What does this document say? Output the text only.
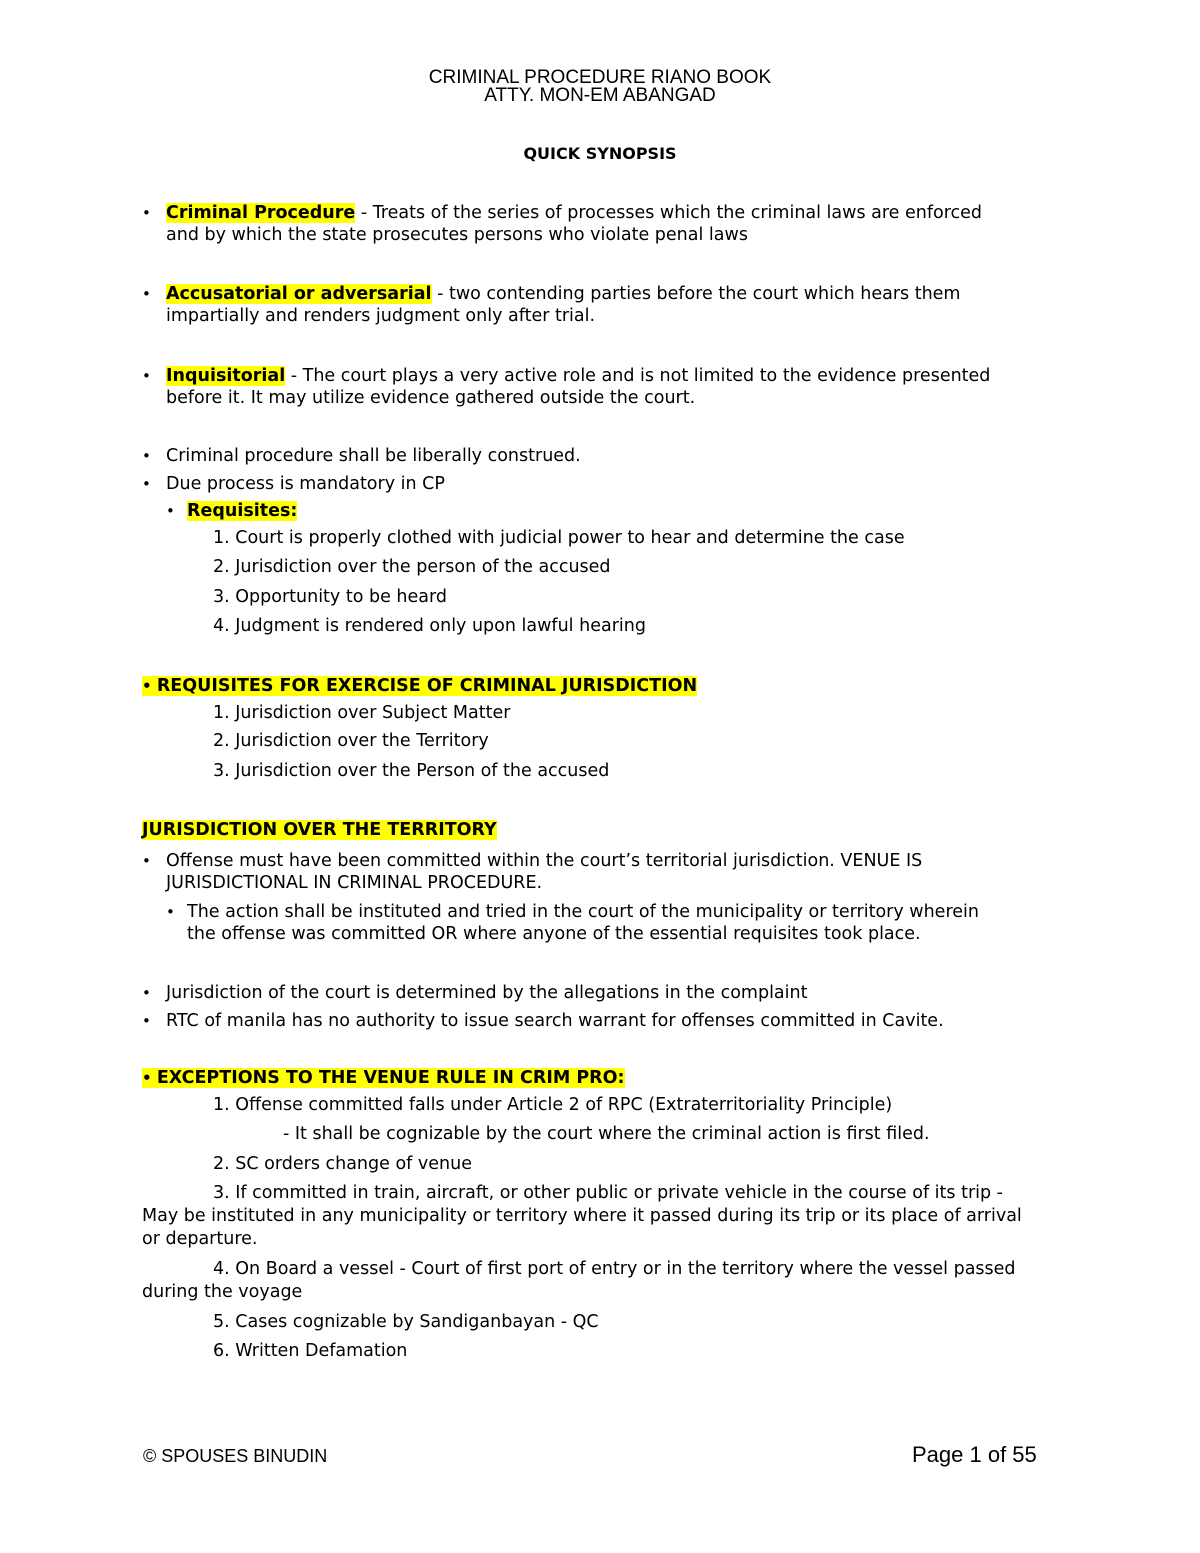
CRIMINAL PROCEDURE RIANO BOOK
ATTY. MON-EM ABANGAD
QUICK SYNOPSIS
• Criminal Procedure - Treats of the series of processes which the criminal laws are enforced
and by which the state prosecutes persons who violate penal laws
• Accusatorial or adversarial - two contending parties before the court which hears them
impartially and renders judgment only after trial.
• Inquisitorial - The court plays a very active role and is not limited to the evidence presented
before it. It may utilize evidence gathered outside the court.
• Criminal procedure shall be liberally construed.
• Due process is mandatory in CP
• Requisites:
1. Court is properly clothed with judicial power to hear and determine the case
2. Jurisdiction over the person of the accused
3. Opportunity to be heard
4. Judgment is rendered only upon lawful hearing
• REQUISITES FOR EXERCISE OF CRIMINAL JURISDICTION
1. Jurisdiction over Subject Matter
2. Jurisdiction over the Territory
3. Jurisdiction over the Person of the accused
JURISDICTION OVER THE TERRITORY
• Offense must have been committed within the court’s territorial jurisdiction. VENUE IS
JURISDICTIONAL IN CRIMINAL PROCEDURE.
• The action shall be instituted and tried in the court of the municipality or territory wherein
the offense was committed OR where anyone of the essential requisites took place.
• Jurisdiction of the court is determined by the allegations in the complaint
• RTC of manila has no authority to issue search warrant for offenses committed in Cavite.
• EXCEPTIONS TO THE VENUE RULE IN CRIM PRO:
1. Offense committed falls under Article 2 of RPC (Extraterritoriality Principle)
- It shall be cognizable by the court where the criminal action is first filed.
2. SC orders change of venue
3. If committed in train, aircraft, or other public or private vehicle in the course of its trip -
May be instituted in any municipality or territory where it passed during its trip or its place of arrival
or departure.
4. On Board a vessel - Court of first port of entry or in the territory where the vessel passed
during the voyage
5. Cases cognizable by Sandiganbayan - QC
6. Written Defamation
© SPOUSES BINUDIN	Page 1 of 55
